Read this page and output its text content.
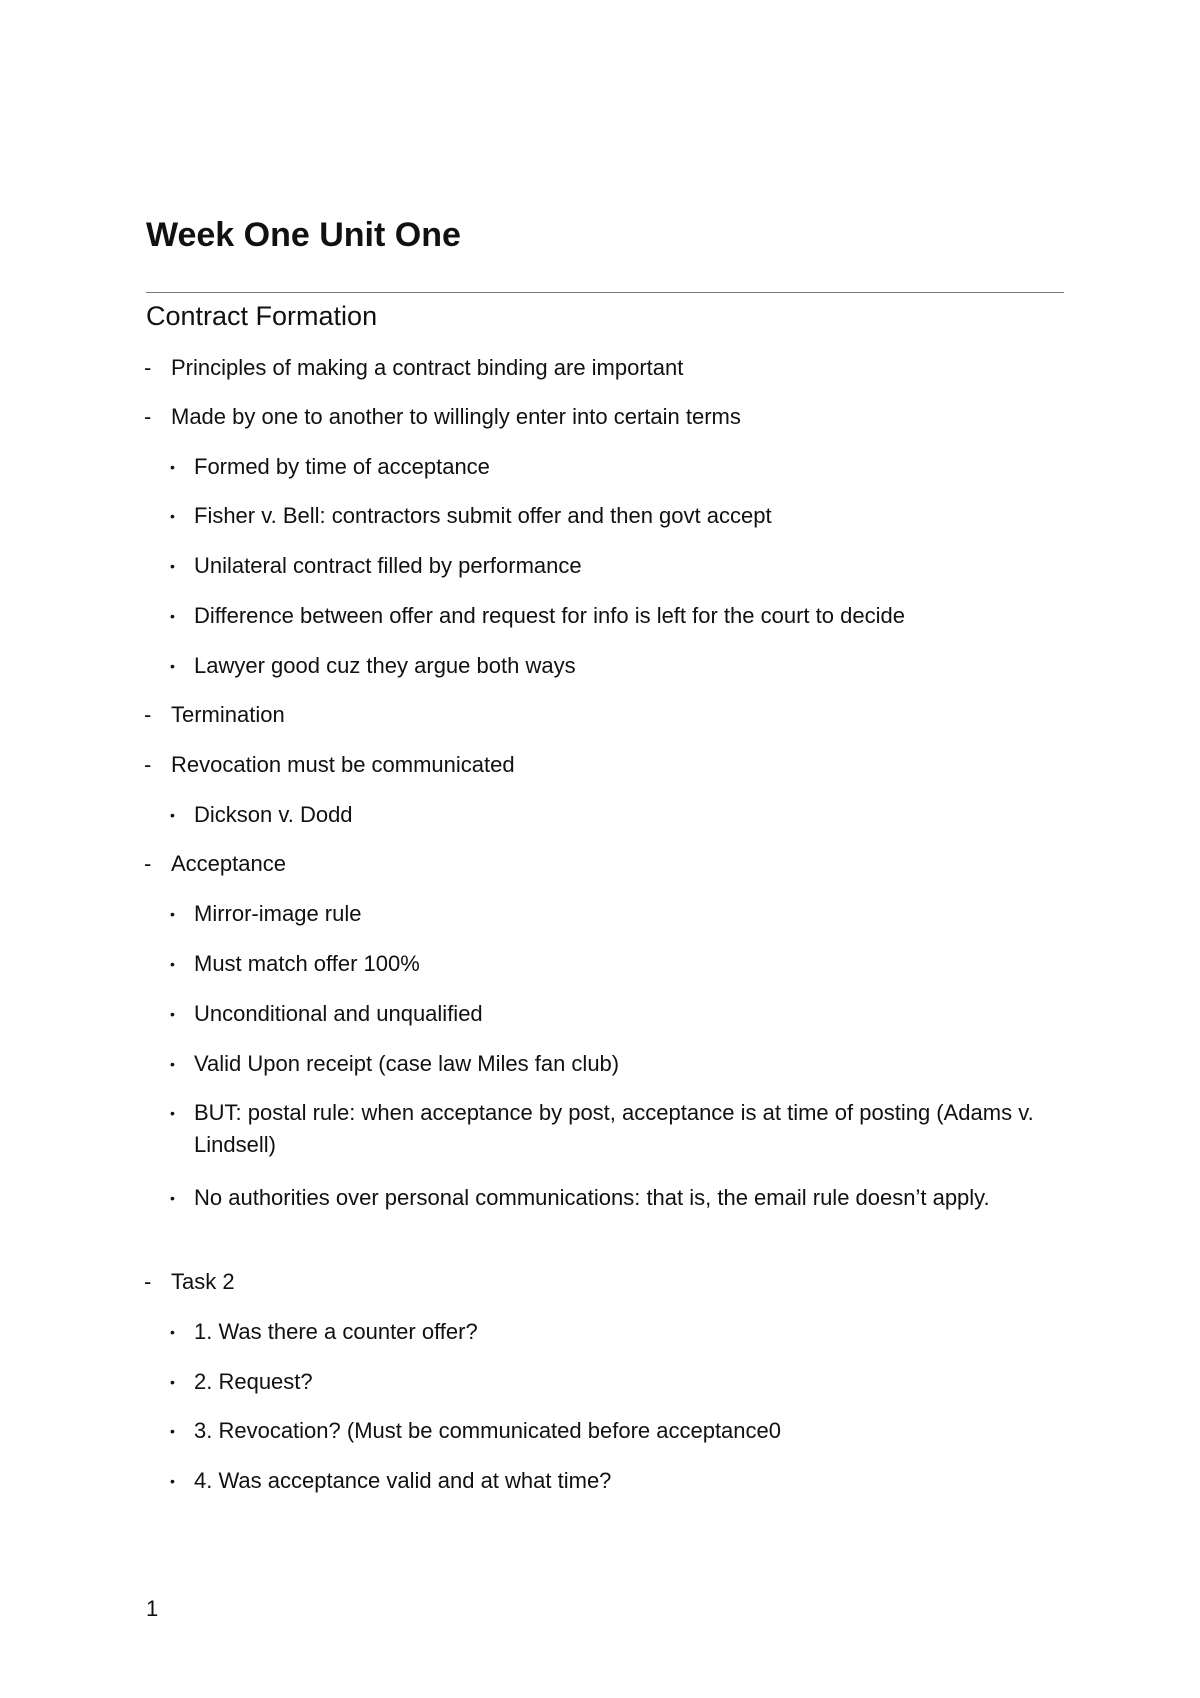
Week One Unit One
Contract Formation
- Principles of making a contract binding are important
- Made by one to another to willingly enter into certain terms
• Formed by time of acceptance
• Fisher v. Bell: contractors submit offer and then govt accept
• Unilateral contract filled by performance
• Difference between offer and request for info is left for the court to decide
• Lawyer good cuz they argue both ways
- Termination
- Revocation must be communicated
• Dickson v. Dodd
- Acceptance
• Mirror-image rule
• Must match offer 100%
• Unconditional and unqualified
• Valid Upon receipt (case law Miles fan club)
• BUT: postal rule: when acceptance by post, acceptance is at time of posting (Adams v. Lindsell)
• No authorities over personal communications: that is, the email rule doesn’t apply.
- Task 2
• 1. Was there a counter offer?
• 2. Request?
• 3. Revocation? (Must be communicated before acceptance0
• 4. Was acceptance valid and at what time?
1
